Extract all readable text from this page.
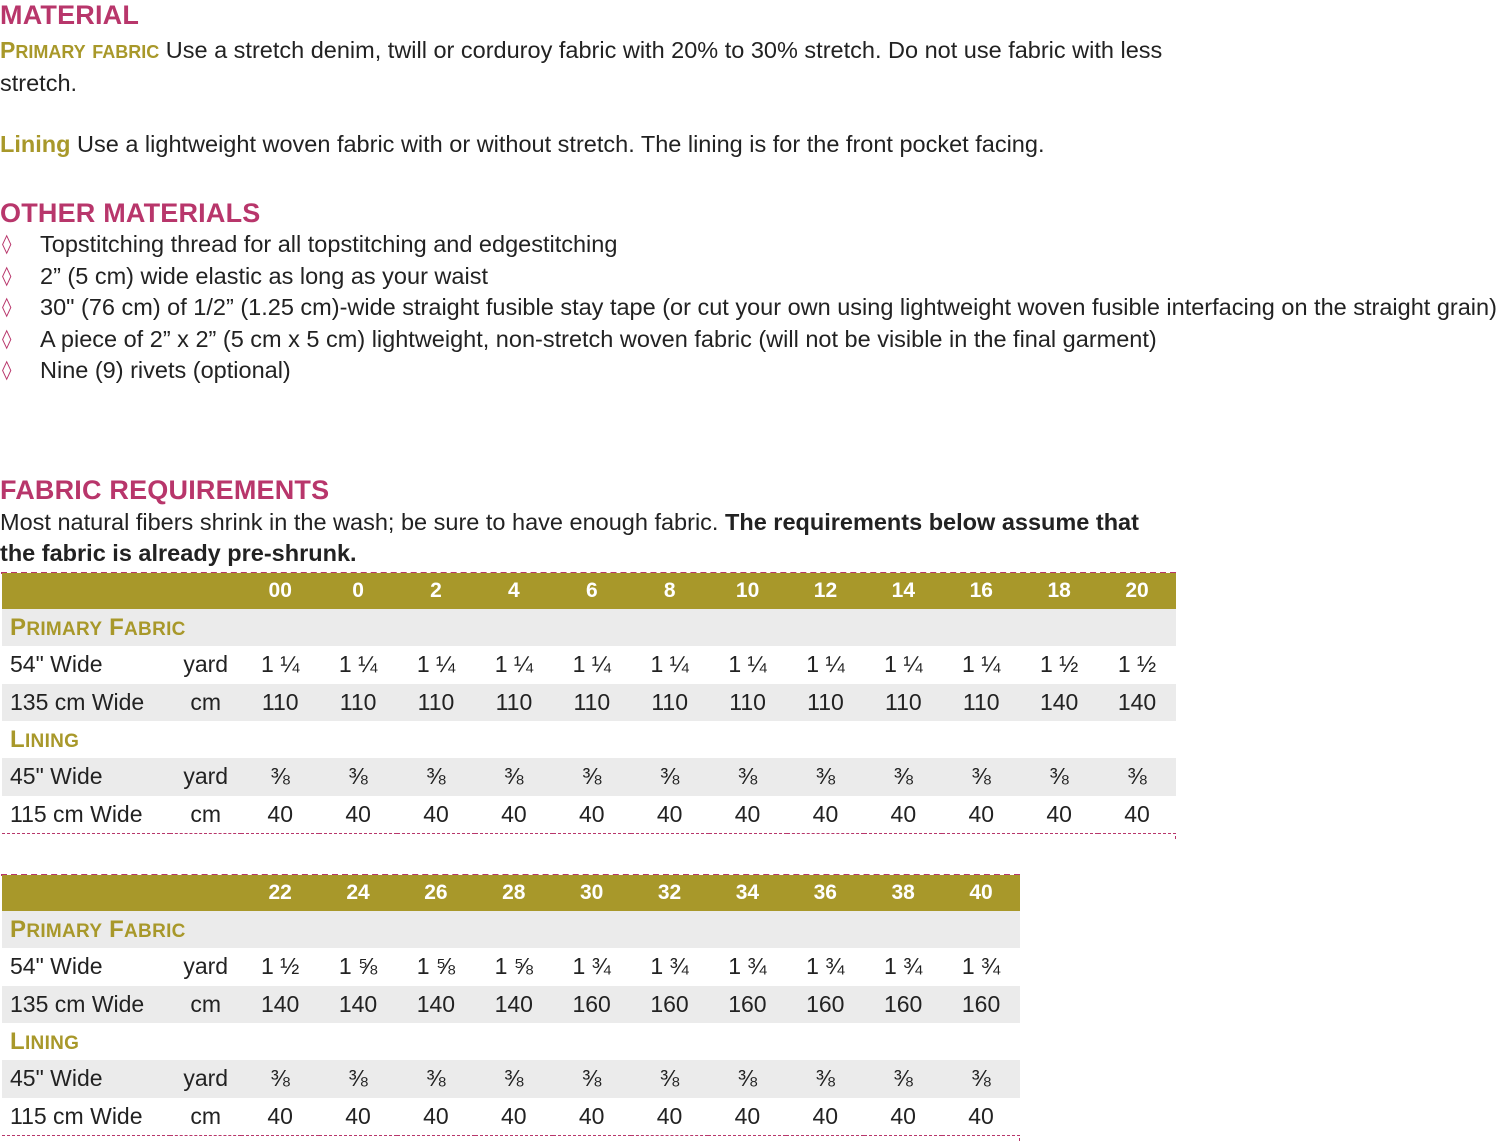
MATERIAL
PRIMARY FABRIC Use a stretch denim, twill or corduroy fabric with 20% to 30% stretch. Do not use fabric with less stretch.
Lining Use a lightweight woven fabric with or without stretch. The lining is for the front pocket facing.
OTHER MATERIALS
◊ Topstitching thread for all topstitching and edgestitching
◊ 2” (5 cm) wide elastic as long as your waist
◊ 30" (76 cm) of 1/2” (1.25 cm)-wide straight fusible stay tape (or cut your own using lightweight woven fusible interfacing on the straight grain)
◊ A piece of 2” x 2” (5 cm x 5 cm) lightweight, non-stretch woven fabric (will not be visible in the final garment)
◊ Nine (9) rivets (optional)
FABRIC REQUIREMENTS
Most natural fibers shrink in the wash; be sure to have enough fabric. The requirements below assume that the fabric is already pre-shrunk.
		00	0	2	4	6	8	10	12	14	16	18	20
PRIMARY FABRIC													
54" Wide	yard	1 ¼	1 ¼	1 ¼	1 ¼	1 ¼	1 ¼	1 ¼	1 ¼	1 ¼	1 ¼	1 ½	1 ½
135 cm Wide	cm	110	110	110	110	110	110	110	110	110	110	140	140
LINING													
45" Wide	yard	⅜	⅜	⅜	⅜	⅜	⅜	⅜	⅜	⅜	⅜	⅜	⅜
115 cm Wide	cm	40	40	40	40	40	40	40	40	40	40	40	40
		22	24	26	28	30	32	34	36	38	40
PRIMARY FABRIC											
54" Wide	yard	1 ½	1 ⅝	1 ⅝	1 ⅝	1 ¾	1 ¾	1 ¾	1 ¾	1 ¾	1 ¾
135 cm Wide	cm	140	140	140	140	160	160	160	160	160	160
LINING											
45" Wide	yard	⅜	⅜	⅜	⅜	⅜	⅜	⅜	⅜	⅜	⅜
115 cm Wide	cm	40	40	40	40	40	40	40	40	40	40
